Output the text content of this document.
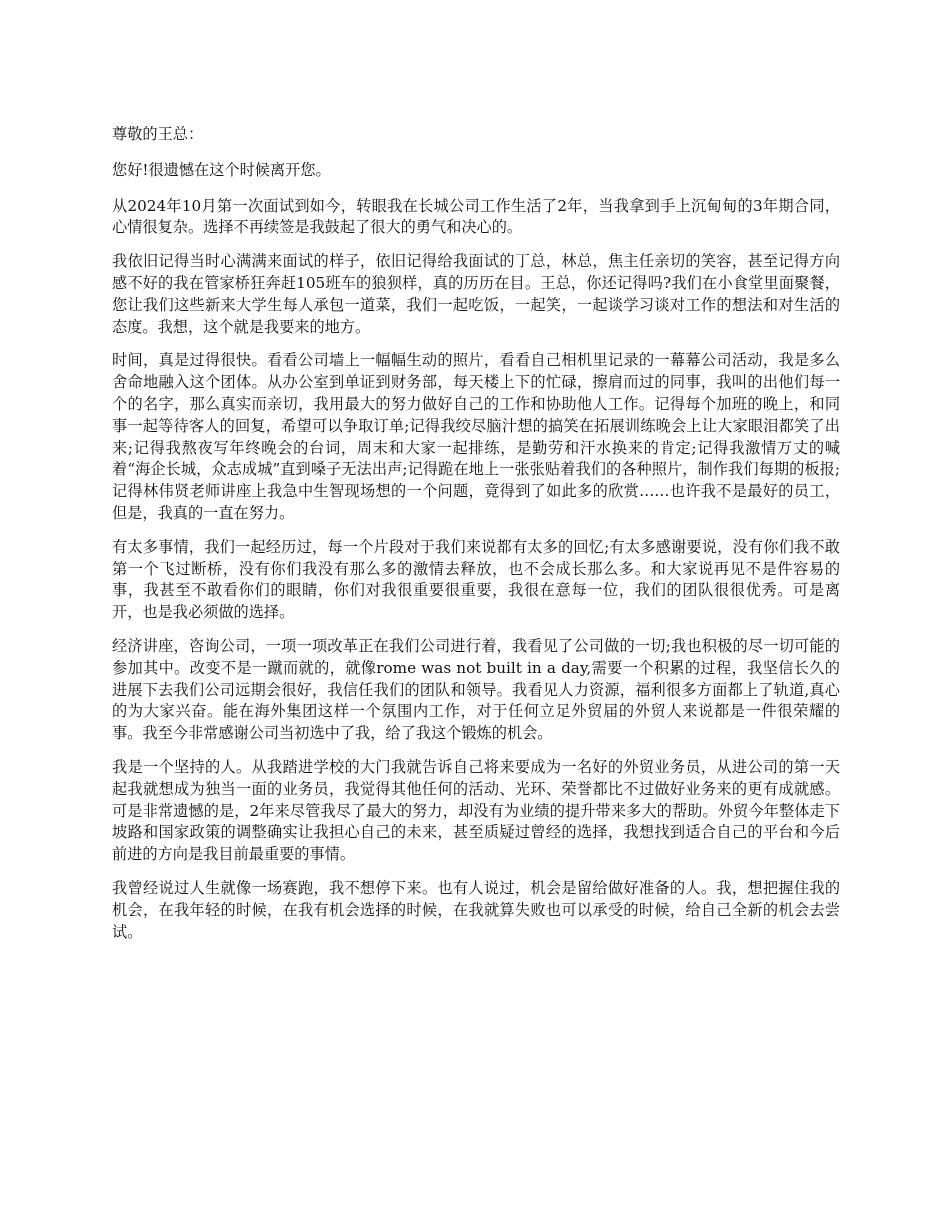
尊敬的王总：

您好!很遗憾在这个时候离开您。

从2024年10月第一次面试到如今，转眼我在长城公司工作生活了2年，当我拿到手上沉甸甸的3年期合同，心情很复杂。选择不再续签是我鼓起了很大的勇气和决心的。

我依旧记得当时心满满来面试的样子，依旧记得给我面试的丁总，林总，焦主任亲切的笑容，甚至记得方向感不好的我在管家桥狂奔赶105班车的狼狈样，真的历历在目。王总，你还记得吗?我们在小食堂里面聚餐，您让我们这些新来大学生每人承包一道菜，我们一起吃饭，一起笑，一起谈学习谈对工作的想法和对生活的态度。我想，这个就是我要来的地方。

时间，真是过得很快。看看公司墙上一幅幅生动的照片，看看自己相机里记录的一幕幕公司活动，我是多么舍命地融入这个团体。从办公室到单证到财务部，每天楼上下的忙碌，擦肩而过的同事，我叫的出他们每一个的名字，那么真实而亲切，我用最大的努力做好自己的工作和协助他人工作。记得每个加班的晚上，和同事一起等待客人的回复，希望可以争取订单;记得我绞尽脑汁想的搞笑在拓展训练晚会上让大家眼泪都笑了出来;记得我熬夜写年终晚会的台词，周末和大家一起排练，是勤劳和汗水换来的肯定;记得我激情万丈的喊着“海企长城，众志成城”直到嗓子无法出声;记得跪在地上一张张贴着我们的各种照片，制作我们每期的板报;记得林伟贤老师讲座上我急中生智现场想的一个问题，竟得到了如此多的欣赏……也许我不是最好的员工，但是，我真的一直在努力。

有太多事情，我们一起经历过，每一个片段对于我们来说都有太多的回忆;有太多感谢要说，没有你们我不敢第一个飞过断桥，没有你们我没有那么多的激情去释放，也不会成长那么多。和大家说再见不是件容易的事，我甚至不敢看你们的眼睛，你们对我很重要很重要，我很在意每一位，我们的团队很很优秀。可是离开，也是我必须做的选择。

经济讲座，咨询公司，一项一项改革正在我们公司进行着，我看见了公司做的一切;我也积极的尽一切可能的参加其中。改变不是一蹴而就的，就像rome was not built in a day,需要一个积累的过程，我坚信长久的进展下去我们公司远期会很好，我信任我们的团队和领导。我看见人力资源，福利很多方面都上了轨道,真心的为大家兴奋。能在海外集团这样一个氛围内工作，对于任何立足外贸届的外贸人来说都是一件很荣耀的事。我至今非常感谢公司当初选中了我，给了我这个锻炼的机会。

我是一个坚持的人。从我踏进学校的大门我就告诉自己将来要成为一名好的外贸业务员，从进公司的第一天起我就想成为独当一面的业务员，我觉得其他任何的活动、光环、荣誉都比不过做好业务来的更有成就感。可是非常遗憾的是，2年来尽管我尽了最大的努力，却没有为业绩的提升带来多大的帮助。外贸今年整体走下坡路和国家政策的调整确实让我担心自己的未来，甚至质疑过曾经的选择，我想找到适合自己的平台和今后前进的方向是我目前最重要的事情。

我曾经说过人生就像一场赛跑，我不想停下来。也有人说过，机会是留给做好准备的人。我，想把握住我的机会，在我年轻的时候，在我有机会选择的时候，在我就算失败也可以承受的时候，给自己全新的机会去尝试。
